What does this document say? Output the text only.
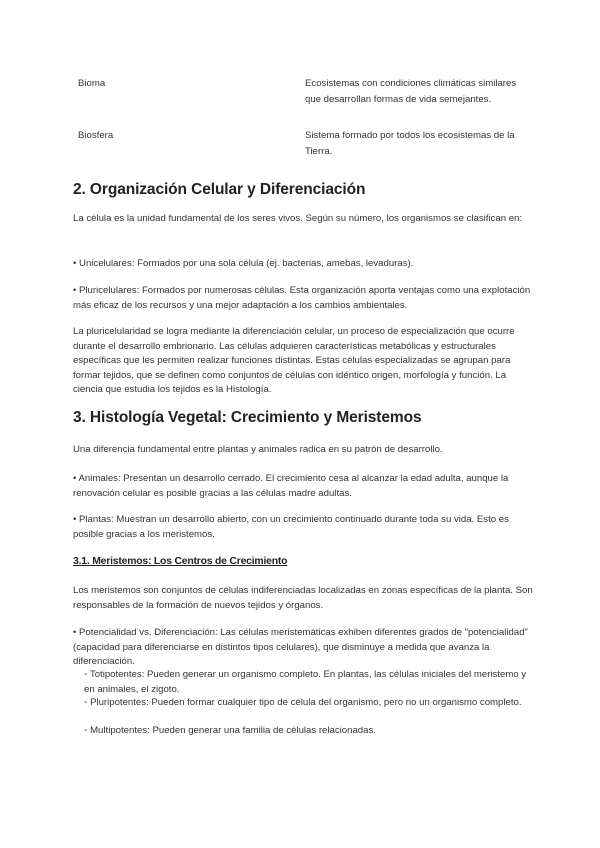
Bioma	Ecosistemas con condiciones climáticas similares que desarrollan formas de vida semejantes.
Biosfera	Sistema formado por todos los ecosistemas de la Tierra.
2. Organización Celular y Diferenciación
La célula es la unidad fundamental de los seres vivos. Según su número, los organismos se clasifican en:
• Unicelulares: Formados por una sola célula (ej. bacterias, amebas, levaduras).
• Pluricelulares: Formados por numerosas células. Esta organización aporta ventajas como una explotación más eficaz de los recursos y una mejor adaptación a los cambios ambientales.
La pluricelularidad se logra mediante la diferenciación celular, un proceso de especialización que ocurre durante el desarrollo embrionario. Las células adquieren características metabólicas y estructurales específicas que les permiten realizar funciones distintas. Estas células especializadas se agrupan para formar tejidos, que se definen como conjuntos de células con idéntico origen, morfología y función. La ciencia que estudia los tejidos es la Histología.
3. Histología Vegetal: Crecimiento y Meristemos
Una diferencia fundamental entre plantas y animales radica en su patrón de desarrollo.
• Animales: Presentan un desarrollo cerrado. El crecimiento cesa al alcanzar la edad adulta, aunque la renovación celular es posible gracias a las células madre adultas.
• Plantas: Muestran un desarrollo abierto, con un crecimiento continuado durante toda su vida. Esto es posible gracias a los meristemos.
3.1. Meristemos: Los Centros de Crecimiento
Los meristemos son conjuntos de células indiferenciadas localizadas en zonas específicas de la planta. Son responsables de la formación de nuevos tejidos y órganos.
• Potencialidad vs. Diferenciación: Las células meristemáticas exhiben diferentes grados de "potencialidad" (capacidad para diferenciarse en distintos tipos celulares), que disminuye a medida que avanza la diferenciación.
◦ Totipotentes: Pueden generar un organismo completo. En plantas, las células iniciales del meristemo y en animales, el zigoto.
◦ Pluripotentes: Pueden formar cualquier tipo de célula del organismo, pero no un organismo completo.
◦ Multipotentes: Pueden generar una familia de células relacionadas.
